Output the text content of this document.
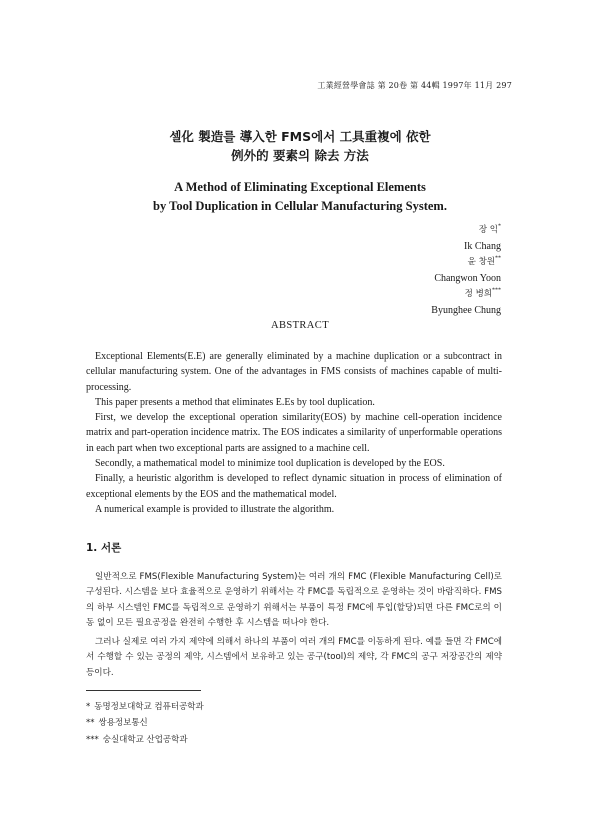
工業經營學會誌 第 20卷 第 44輯 1997年 11月 297
셀化 製造를 導入한 FMS에서 工具重複에 依한
例外的 要素의 除去 方法
A Method of Eliminating Exceptional Elements
by Tool Duplication in Cellular Manufacturing System.
장 익*
Ik Chang
윤 창원**
Changwon Yoon
정 병희***
Byunghee Chung
ABSTRACT

Exceptional Elements(E.E) are generally eliminated by a machine duplication or a subcontract in cellular manufacturing system. One of the advantages in FMS consists of machines capable of multi-processing.

This paper presents a method that eliminates E.Es by tool duplication.

First, we develop the exceptional operation similarity(EOS) by machine cell-operation incidence matrix and part-operation incidence matrix. The EOS indicates a similarity of unperformable operations in each part when two exceptional parts are assigned to a machine cell.

Secondly, a mathematical model to minimize tool duplication is developed by the EOS.

Finally, a heuristic algorithm is developed to reflect dynamic situation in process of elimination of exceptional elements by the EOS and the mathematical model.

A numerical example is provided to illustrate the algorithm.

1. 서론

일반적으로 FMS(Flexible Manufacturing System)는 여러 개의 FMC (Flexible Manufacturing Cell)로 구성된다. 시스템을 보다 효율적으로 운영하기 위해서는 각 FMC를 독립적으로 운영하는 것이 바람직하다. FMS의 하부 시스템인 FMC를 독립적으로 운영하기 위해서는 부품이 특정 FMC에 투입(할당)되면 다른 FMC로의 이동 없이 모든 필요공정을 완전히 수행한 후 시스템을 떠나야 한다.

그러나 실제로 여러 가지 제약에 의해서 하나의 부품이 여러 개의 FMC를 이동하게 된다. 예를 들면 각 FMC에서 수행할 수 있는 공정의 제약, 시스템에서 보유하고 있는 공구(tool)의 제약, 각 FMC의 공구 저장공간의 제약 등이다.

* 동명정보대학교 컴퓨터공학과
** 쌍용정보통신
*** 숭실대학교 산업공학과
